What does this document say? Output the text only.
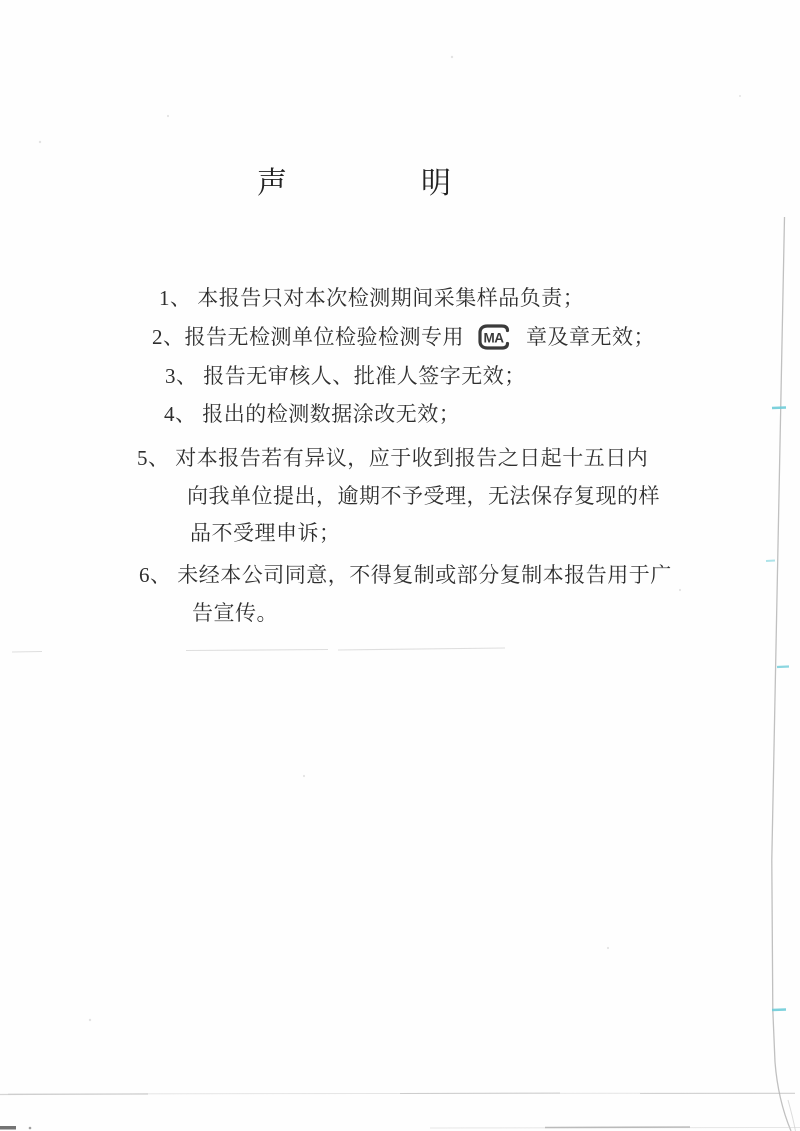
声	明
1、 本报告只对本次检测期间采集样品负责；
2、报告无检测单位检验检测专用 MA 章及章无效；
3、 报告无审核人、批准人签字无效；
4、 报出的检测数据涂改无效；
5、 对本报告若有异议，应于收到报告之日起十五日内
向我单位提出，逾期不予受理，无法保存复现的样
品不受理申诉；
6、 未经本公司同意，不得复制或部分复制本报告用于广
告宣传。
